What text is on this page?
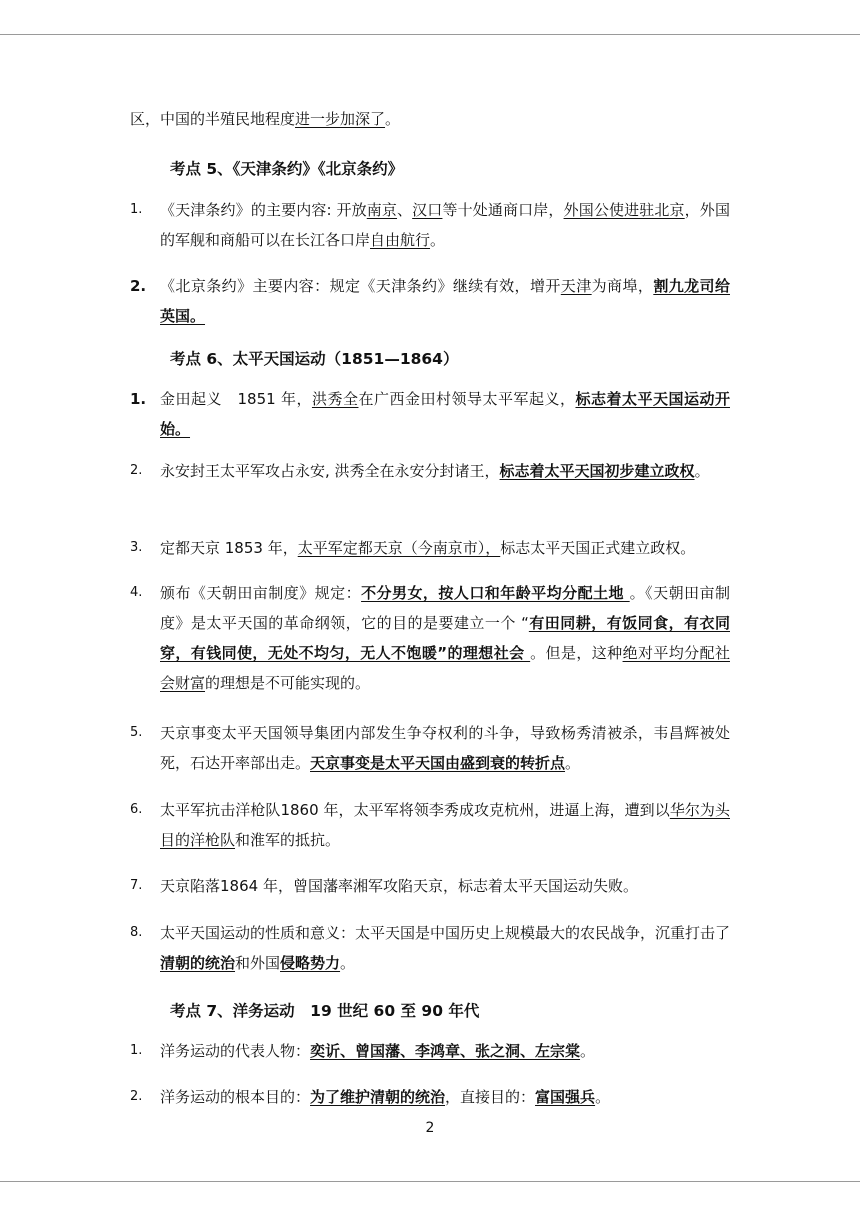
区，中国的半殖民地程度进一步加深了。
考点 5、《天津条约》《北京条约》
1.	《天津条约》的主要内容: 开放南京、汉口等十处通商口岸，外国公使进驻北京，外国的军舰和商船可以在长江各口岸自由航行。
2. 《北京条约》主要内容：规定《天津条约》继续有效，增开天津为商埠，割九龙司给英国。
考点 6、太平天国运动（1851—1864）
1. 金田起义　1851 年，洪秀全在广西金田村领导太平军起义，标志着太平天国运动开始。
2.	永安封王太平军攻占永安, 洪秀全在永安分封诸王，标志着太平天国初步建立政权。
3.	定都天京 1853 年，太平军定都天京（今南京市），标志太平天国正式建立政权。
4.	颁布《天朝田亩制度》规定：不分男女，按人口和年龄平均分配土地 。《天朝田亩制度》是太平天国的革命纲领，它的目的是要建立一个 “有田同耕，有饭同食，有衣同穿，有钱同使，无处不均匀，无人不饱暖”的理想社会 。但是，这种绝对平均分配社会财富的理想是不可能实现的。
5.	天京事变太平天国领导集团内部发生争夺权利的斗争，导致杨秀清被杀，韦昌辉被处死，石达开率部出走。天京事变是太平天国由盛到衰的转折点。
6.	太平军抗击洋枪队1860 年，太平军将领李秀成攻克杭州，进逼上海，遭到以华尔为头目的洋枪队和淮军的抵抗。
7.	天京陷落1864 年，曾国藩率湘军攻陷天京，标志着太平天国运动失败。
8.	太平天国运动的性质和意义：太平天国是中国历史上规模最大的农民战争，沉重打击了清朝的统治和外国侵略势力。
考点 7、洋务运动　19 世纪 60 至 90 年代
1.	洋务运动的代表人物：奕䜣、曾国藩、李鸿章、张之洞、左宗棠。
2.	洋务运动的根本目的：为了维护清朝的统治，直接目的：富国强兵。
2
